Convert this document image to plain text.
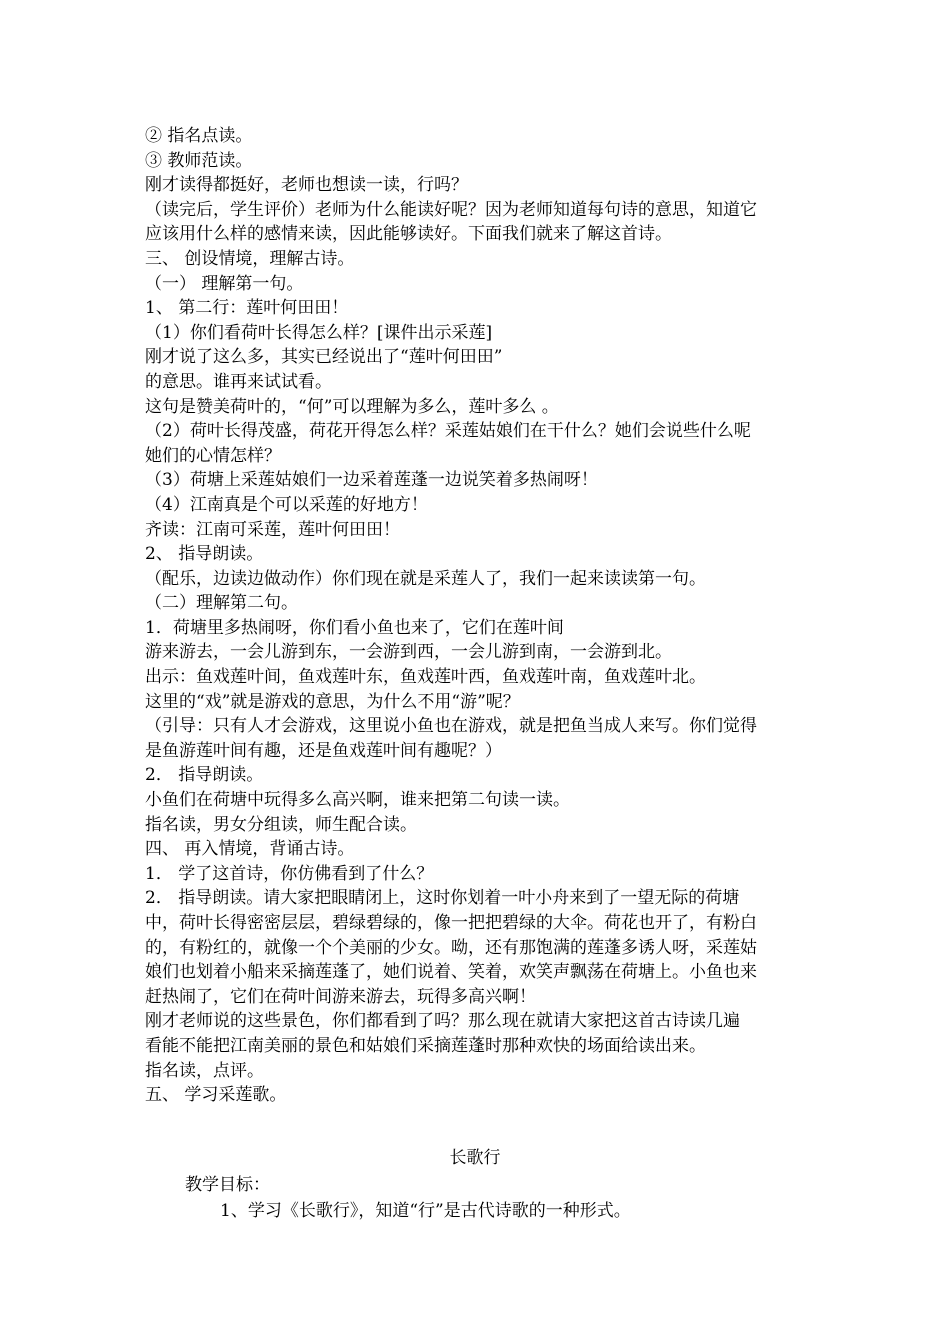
② 指名点读。

③ 教师范读。

刚才读得都挺好，老师也想读一读，行吗？

（读完后，学生评价）老师为什么能读好呢？因为老师知道每句诗的意思，知道它

应该用什么样的感情来读，因此能够读好。下面我们就来了解这首诗。

三、 创设情境，理解古诗。

（一） 理解第一句。

1、 第二行：莲叶何田田！

（1）你们看荷叶长得怎么样？[课件出示采莲]

刚才说了这么多，其实已经说出了“莲叶何田田”

的意思。谁再来试试看。

这句是赞美荷叶的，“何”可以理解为多么，莲叶多么 。

（2）荷叶长得茂盛，荷花开得怎么样？采莲姑娘们在干什么？她们会说些什么呢

她们的心情怎样？

（3）荷塘上采莲姑娘们一边采着莲蓬一边说笑着多热闹呀！

（4）江南真是个可以采莲的好地方！

齐读：江南可采莲，莲叶何田田！

2、 指导朗读。

（配乐，边读边做动作）你们现在就是采莲人了，我们一起来读读第一句。

（二）理解第二句。

1．荷塘里多热闹呀，你们看小鱼也来了，它们在莲叶间

游来游去，一会儿游到东，一会游到西，一会儿游到南，一会游到北。

出示：鱼戏莲叶间，鱼戏莲叶东，鱼戏莲叶西，鱼戏莲叶南，鱼戏莲叶北。

这里的“戏”就是游戏的意思，为什么不用“游”呢？

（引导：只有人才会游戏，这里说小鱼也在游戏，就是把鱼当成人来写。你们觉得

是鱼游莲叶间有趣，还是鱼戏莲叶间有趣呢？）

2． 指导朗读。

小鱼们在荷塘中玩得多么高兴啊，谁来把第二句读一读。

指名读，男女分组读，师生配合读。

四、 再入情境，背诵古诗。

1． 学了这首诗，你仿佛看到了什么？

2． 指导朗读。请大家把眼睛闭上，这时你划着一叶小舟来到了一望无际的荷塘

中，荷叶长得密密层层，碧绿碧绿的，像一把把碧绿的大伞。荷花也开了，有粉白

的，有粉红的，就像一个个美丽的少女。呦，还有那饱满的莲蓬多诱人呀，采莲姑

娘们也划着小船来采摘莲蓬了，她们说着、笑着，欢笑声飘荡在荷塘上。小鱼也来

赶热闹了，它们在荷叶间游来游去，玩得多高兴啊！

刚才老师说的这些景色，你们都看到了吗？那么现在就请大家把这首古诗读几遍

看能不能把江南美丽的景色和姑娘们采摘莲蓬时那种欢快的场面给读出来。

指名读，点评。

五、 学习采莲歌。

长歌行

教学目标：
1、学习《长歌行》，知道“行”是古代诗歌的一种形式。
